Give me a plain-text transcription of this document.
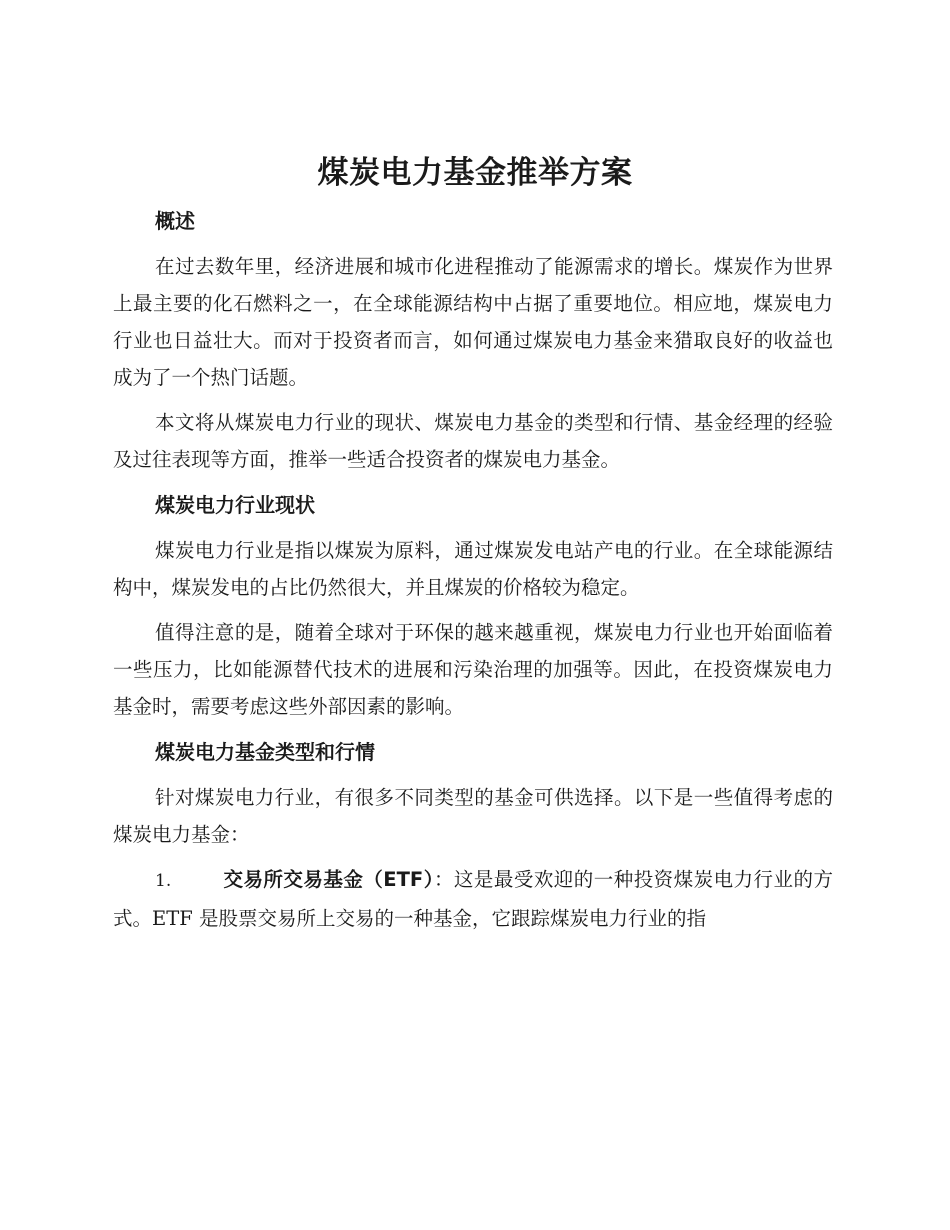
煤炭电力基金推举方案
概述

在过去数年里，经济进展和城市化进程推动了能源需求的增长。煤炭作为世界上最主要的化石燃料之一，在全球能源结构中占据了重要地位。相应地，煤炭电力行业也日益壮大。而对于投资者而言，如何通过煤炭电力基金来猎取良好的收益也成为了一个热门话题。

本文将从煤炭电力行业的现状、煤炭电力基金的类型和行情、基金经理的经验及过往表现等方面，推举一些适合投资者的煤炭电力基金。

煤炭电力行业现状

煤炭电力行业是指以煤炭为原料，通过煤炭发电站产电的行业。在全球能源结构中，煤炭发电的占比仍然很大，并且煤炭的价格较为稳定。

值得注意的是，随着全球对于环保的越来越重视，煤炭电力行业也开始面临着一些压力，比如能源替代技术的进展和污染治理的加强等。因此，在投资煤炭电力基金时，需要考虑这些外部因素的影响。

煤炭电力基金类型和行情

针对煤炭电力行业，有很多不同类型的基金可供选择。以下是一些值得考虑的煤炭电力基金：

1.	交易所交易基金（ETF）：这是最受欢迎的一种投资煤炭电力行业的方式。ETF 是股票交易所上交易的一种基金，它跟踪煤炭电力行业的指
